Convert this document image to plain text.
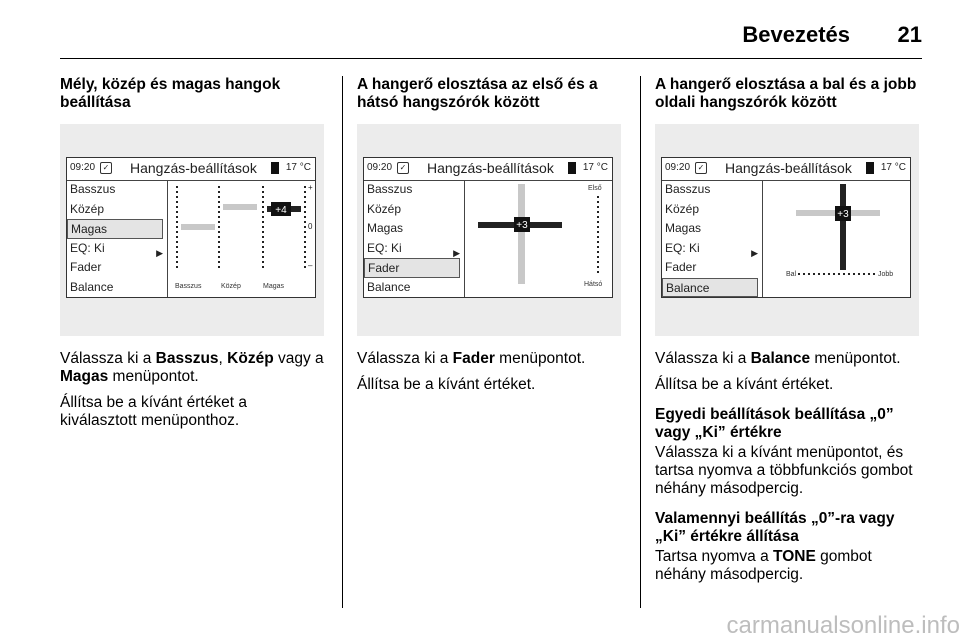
Bevezetés 21
Mély, közép és magas hangok beállítása
09:20 ✓ Hangzás-beállítások	17 °C
Basszus
Közép
Magas
EQ: Ki	▶
Fader
Balance
+4
+
0
–
Basszus	Közép	Magas

Válassza ki a Basszus, Közép vagy a Magas menüpontot.

Állítsa be a kívánt értéket a kiválasztott menüponthoz.

A hangerő elosztása az első és a hátsó hangszórók között
09:20 ✓ Hangzás-beállítások	17 °C
Basszus
Közép
Magas
EQ: Ki	▶
Fader
Balance
+3
Első
Hátsó

Válassza ki a Fader menüpontot.

Állítsa be a kívánt értéket.

A hangerő elosztása a bal és a jobb oldali hangszórók között
09:20 ✓ Hangzás-beállítások	17 °C
Basszus
Közép
Magas
EQ: Ki	▶
Fader
Balance
+3
Bal	Jobb

Válassza ki a Balance menüpontot.

Állítsa be a kívánt értéket.

Egyedi beállítások beállítása „0” vagy „Ki” értékre

Válassza ki a kívánt menüpontot, és tartsa nyomva a többfunkciós gombot néhány másodpercig.

Valamennyi beállítás „0”-ra vagy „Ki” értékre állítása

Tartsa nyomva a TONE gombot néhány másodpercig.

carmanualsonline.info
